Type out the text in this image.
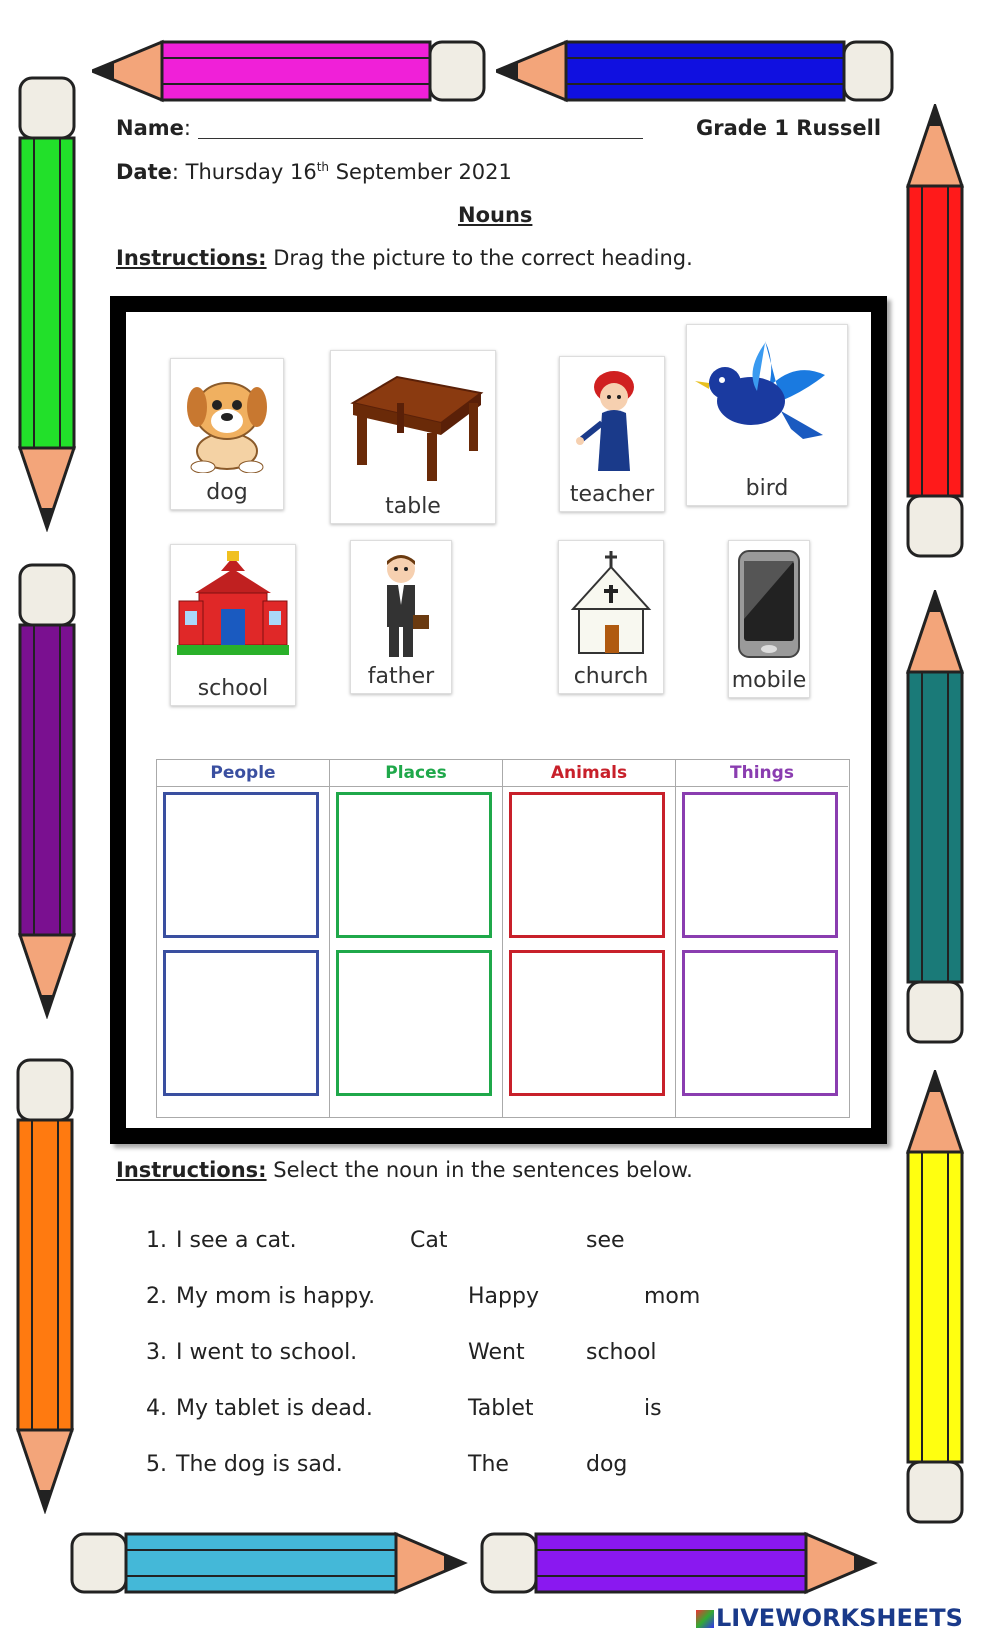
Name:	Grade 1 Russell
Date: Thursday 16th September 2021
Nouns
Instructions: Drag the picture to the correct heading.
dog
table	teacher	bird
school	father	church	mobile
People	Places	Animals	Things
Instructions: Select the noun in the sentences below.
1. I see a cat.	Cat	see
2. My mom is happy.	Happy	mom
3. I went to school.	Went	school
4. My tablet is dead.	Tablet	is
5. The dog is sad.	The	dog
LIVEWORKSHEETS
